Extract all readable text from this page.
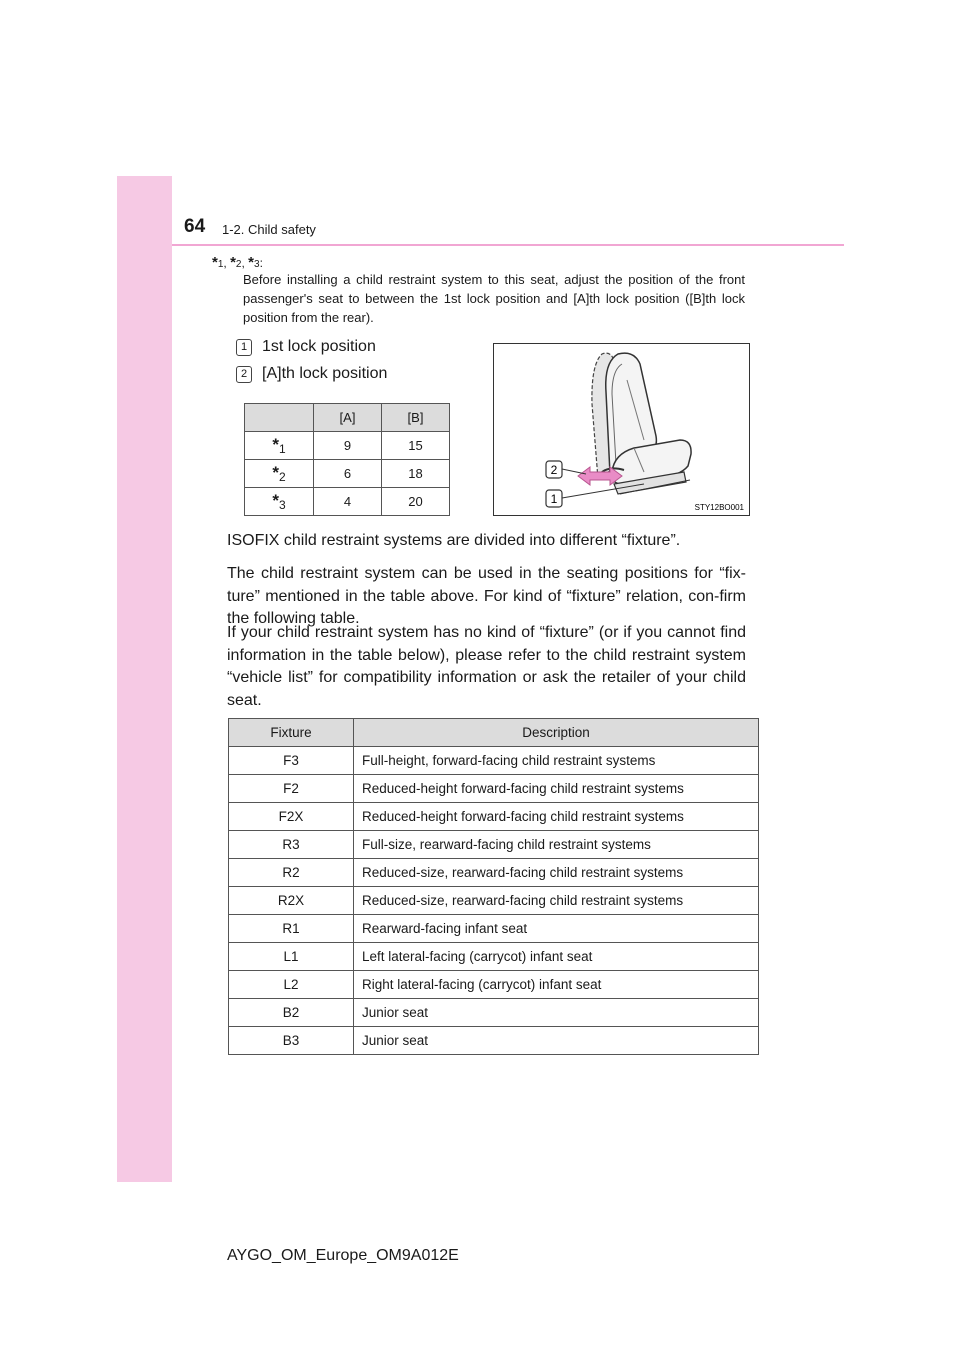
64 1-2. Child safety
*1, *2, *3:
Before installing a child restraint system to this seat, adjust the position of the front passenger's seat to between the 1st lock position and [A]th lock position ([B]th lock position from the rear).
1 1st lock position
2 [A]th lock position
	[A]	[B]
$*_1$	9	15
$*_2$	6	18
$*_3$	4	20
2
1
STY12BO001
ISOFIX child restraint systems are divided into different “fixture”.
The child restraint system can be used in the seating positions for “fix-ture” mentioned in the table above. For kind of “fixture” relation, con-firm the following table.
If your child restraint system has no kind of “fixture” (or if you cannot find information in the table below), please refer to the child restraint system “vehicle list” for compatibility information or ask the retailer of your child seat.
Fixture	Description
F3	Full-height, forward-facing child restraint systems
F2	Reduced-height forward-facing child restraint systems
F2X	Reduced-height forward-facing child restraint systems
R3	Full-size, rearward-facing child restraint systems
R2	Reduced-size, rearward-facing child restraint systems
R2X	Reduced-size, rearward-facing child restraint systems
R1	Rearward-facing infant seat
L1	Left lateral-facing (carrycot) infant seat
L2	Right lateral-facing (carrycot) infant seat
B2	Junior seat
B3	Junior seat
AYGO_OM_Europe_OM9A012E
